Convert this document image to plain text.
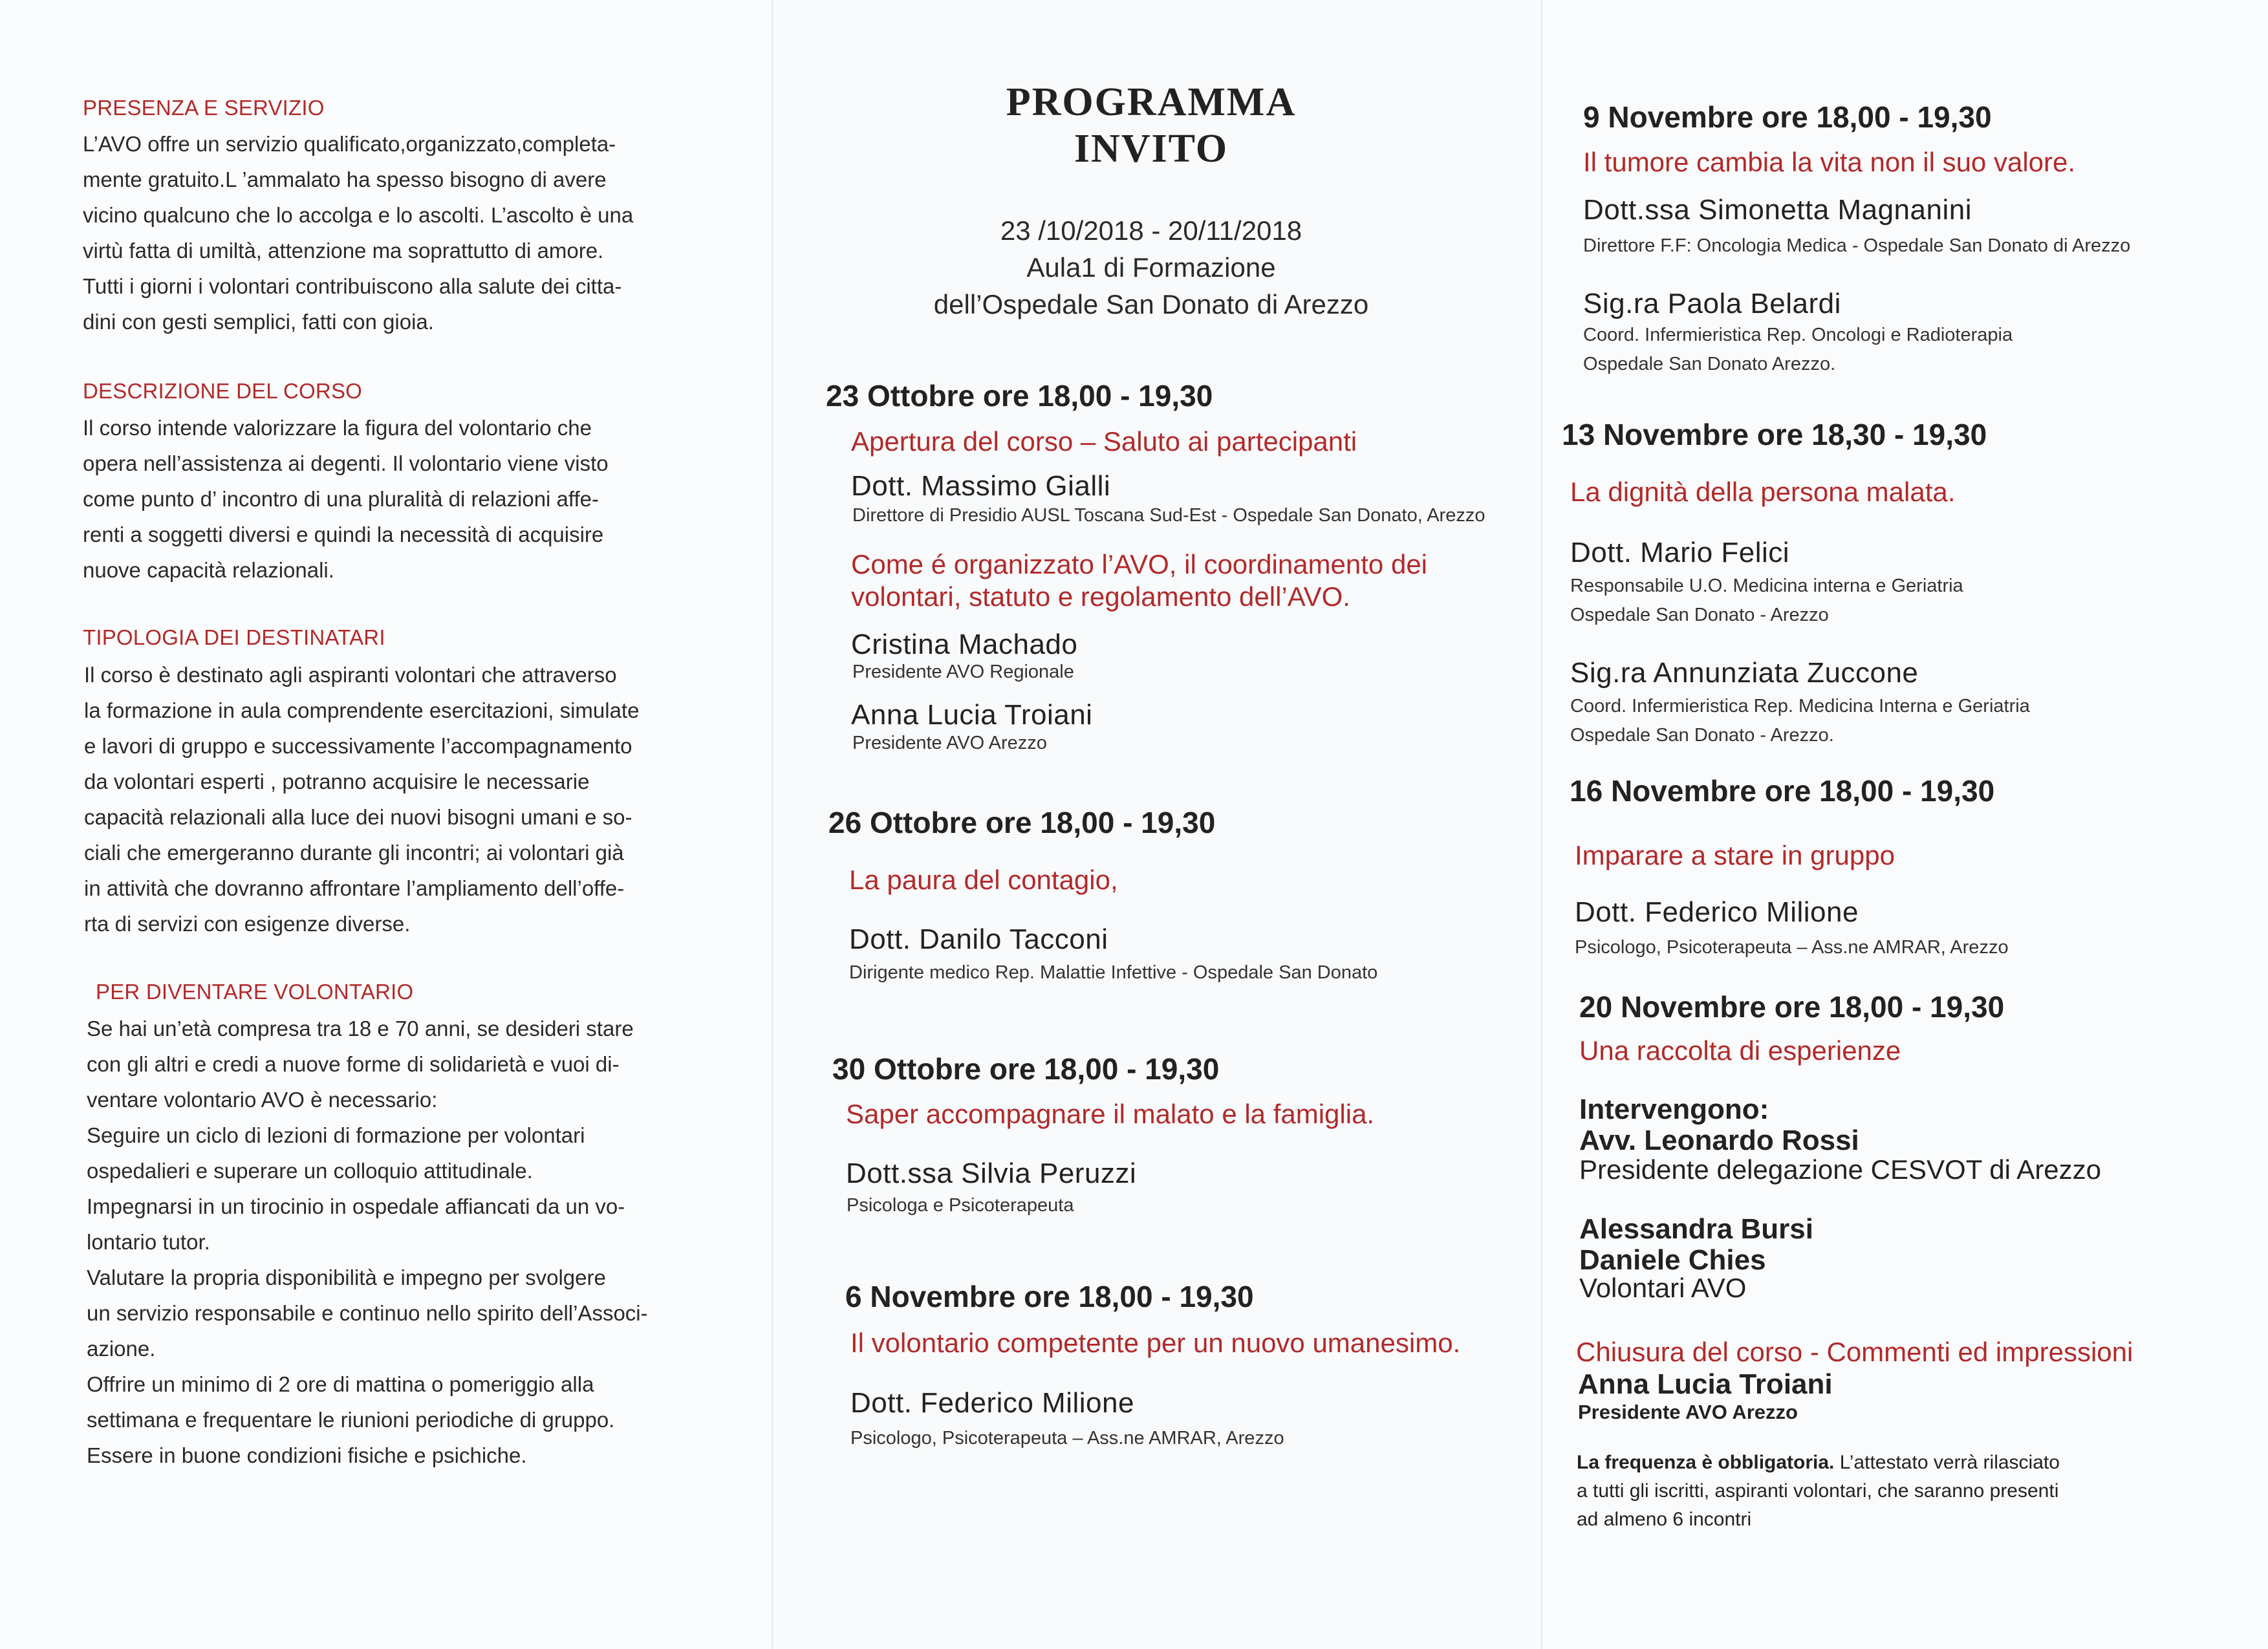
PRESENZA E SERVIZIO
L’AVO offre un servizio qualificato,organizzato,completa-
mente gratuito.L ’ammalato ha spesso bisogno di avere
vicino qualcuno che lo accolga e lo ascolti. L’ascolto è una
virtù fatta di umiltà, attenzione ma soprattutto di amore.
Tutti i giorni i volontari contribuiscono alla salute dei citta-
dini con gesti semplici, fatti con gioia.
DESCRIZIONE DEL CORSO
Il corso intende valorizzare la figura del volontario che
opera nell’assistenza ai degenti. Il volontario viene visto
come punto d’ incontro di una pluralità di relazioni affe-
renti a soggetti diversi e quindi la necessità di acquisire
nuove capacità relazionali.
TIPOLOGIA DEI DESTINATARI
Il corso è destinato agli aspiranti volontari che attraverso
la formazione in aula comprendente esercitazioni, simulate
e lavori di gruppo e successivamente l’accompagnamento
da volontari esperti , potranno acquisire le necessarie
capacità relazionali alla luce dei nuovi bisogni umani e so-
ciali che emergeranno durante gli incontri; ai volontari già
in attività che dovranno affrontare l’ampliamento dell’offe-
rta di servizi con esigenze diverse.
PER DIVENTARE VOLONTARIO
Se hai un’età compresa tra 18 e 70 anni, se desideri stare
con gli altri e credi a nuove forme di solidarietà e vuoi di-
ventare volontario AVO è necessario:
Seguire un ciclo di lezioni di formazione per volontari
ospedalieri e superare un colloquio attitudinale.
Impegnarsi in un tirocinio in ospedale affiancati da un vo-
lontario tutor.
Valutare la propria disponibilità e impegno per svolgere
un servizio responsabile e continuo nello spirito dell’Associ-
azione.
Offrire un minimo di 2 ore di mattina o pomeriggio alla
settimana e frequentare le riunioni periodiche di gruppo.
Essere in buone condizioni fisiche e psichiche.
PROGRAMMA
INVITO
23 /10/2018 - 20/11/2018
Aula1 di Formazione
dell’Ospedale San Donato di Arezzo
23 Ottobre ore 18,00 - 19,30
Apertura del corso – Saluto ai partecipanti
Dott. Massimo Gialli
Direttore di Presidio AUSL Toscana Sud-Est - Ospedale San Donato, Arezzo
Come é organizzato l’AVO, il coordinamento dei
volontari, statuto e regolamento dell’AVO.
Cristina Machado
Presidente AVO Regionale
Anna Lucia Troiani
Presidente AVO Arezzo
26 Ottobre ore 18,00 - 19,30
La paura del contagio,
Dott. Danilo Tacconi
Dirigente medico Rep. Malattie Infettive - Ospedale San Donato
30 Ottobre ore 18,00 - 19,30
Saper accompagnare il malato e la famiglia.
Dott.ssa Silvia Peruzzi
Psicologa e Psicoterapeuta
6 Novembre ore 18,00 - 19,30
Il volontario competente per un nuovo umanesimo.
Dott. Federico Milione
Psicologo, Psicoterapeuta – Ass.ne AMRAR, Arezzo
9 Novembre ore 18,00 - 19,30
Il tumore cambia la vita non il suo valore.
Dott.ssa Simonetta Magnanini
Direttore F.F: Oncologia Medica - Ospedale San Donato di Arezzo
Sig.ra Paola Belardi
Coord. Infermieristica Rep. Oncologi e Radioterapia
Ospedale San Donato Arezzo.
13 Novembre ore 18,30 - 19,30
La dignità della persona malata.
Dott. Mario Felici
Responsabile U.O. Medicina interna e Geriatria
Ospedale San Donato - Arezzo
Sig.ra Annunziata Zuccone
Coord. Infermieristica Rep. Medicina Interna e Geriatria
Ospedale San Donato - Arezzo.
16 Novembre ore 18,00 - 19,30
Imparare a stare in gruppo
Dott. Federico Milione
Psicologo, Psicoterapeuta – Ass.ne AMRAR, Arezzo
20 Novembre ore 18,00 - 19,30
Una raccolta di esperienze
Intervengono:
Avv. Leonardo Rossi
Presidente delegazione CESVOT di Arezzo
Alessandra Bursi
Daniele Chies
Volontari AVO
Chiusura del corso - Commenti ed impressioni
Anna Lucia Troiani
Presidente AVO Arezzo
La frequenza è obbligatoria. L’attestato verrà rilasciato
a tutti gli iscritti, aspiranti volontari, che saranno presenti
ad almeno 6 incontri
